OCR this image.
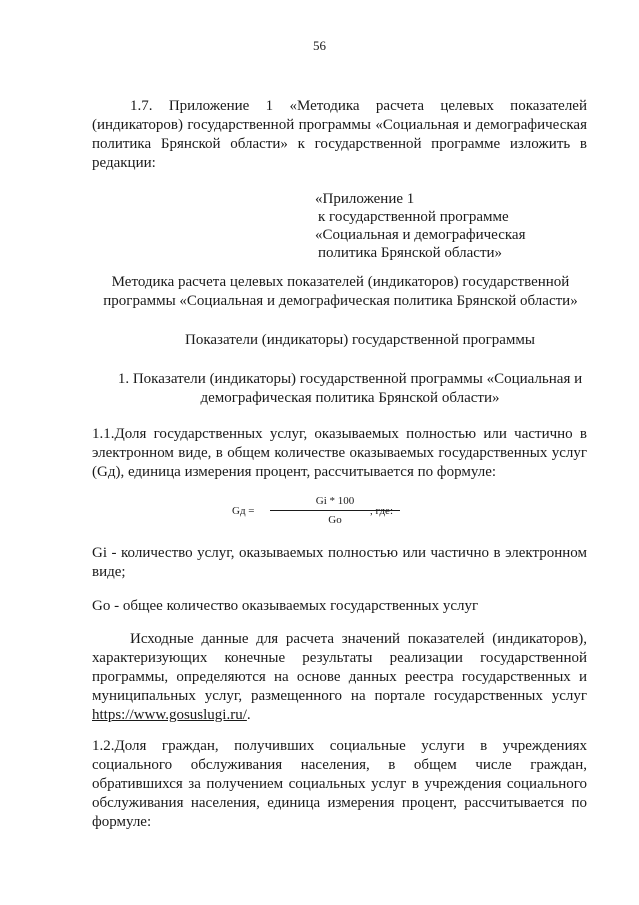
56
1.7. Приложение 1 «Методика расчета целевых показателей (индикаторов) государственной программы «Социальная и демографическая политика Брянской области» к государственной программе изложить в редакции:
«Приложение 1
к государственной программе
«Социальная и демографическая
политика Брянской области»
Методика расчета целевых показателей (индикаторов) государственной программы «Социальная и демографическая политика Брянской области»
Показатели (индикаторы) государственной программы
1. Показатели (индикаторы) государственной программы «Социальная и демографическая политика Брянской области»
1.1.Доля государственных услуг, оказываемых полностью или частично в электронном виде, в общем количестве оказываемых государственных услуг (Gд), единица измерения процент, рассчитывается по формуле:
Gд =
Gi * 100
Go
, где:
Gi - количество услуг, оказываемых полностью или частично в электронном виде;
Go - общее количество оказываемых государственных услуг
Исходные данные для расчета значений показателей (индикаторов), характеризующих конечные результаты реализации государственной программы, определяются на основе данных реестра государственных и муниципальных услуг, размещенного на портале государственных услуг https://www.gosuslugi.ru/.
1.2.Доля граждан, получивших социальные услуги в учреждениях социального обслуживания населения, в общем числе граждан, обратившихся за получением социальных услуг в учреждения социального обслуживания населения, единица измерения процент, рассчитывается по формуле:
